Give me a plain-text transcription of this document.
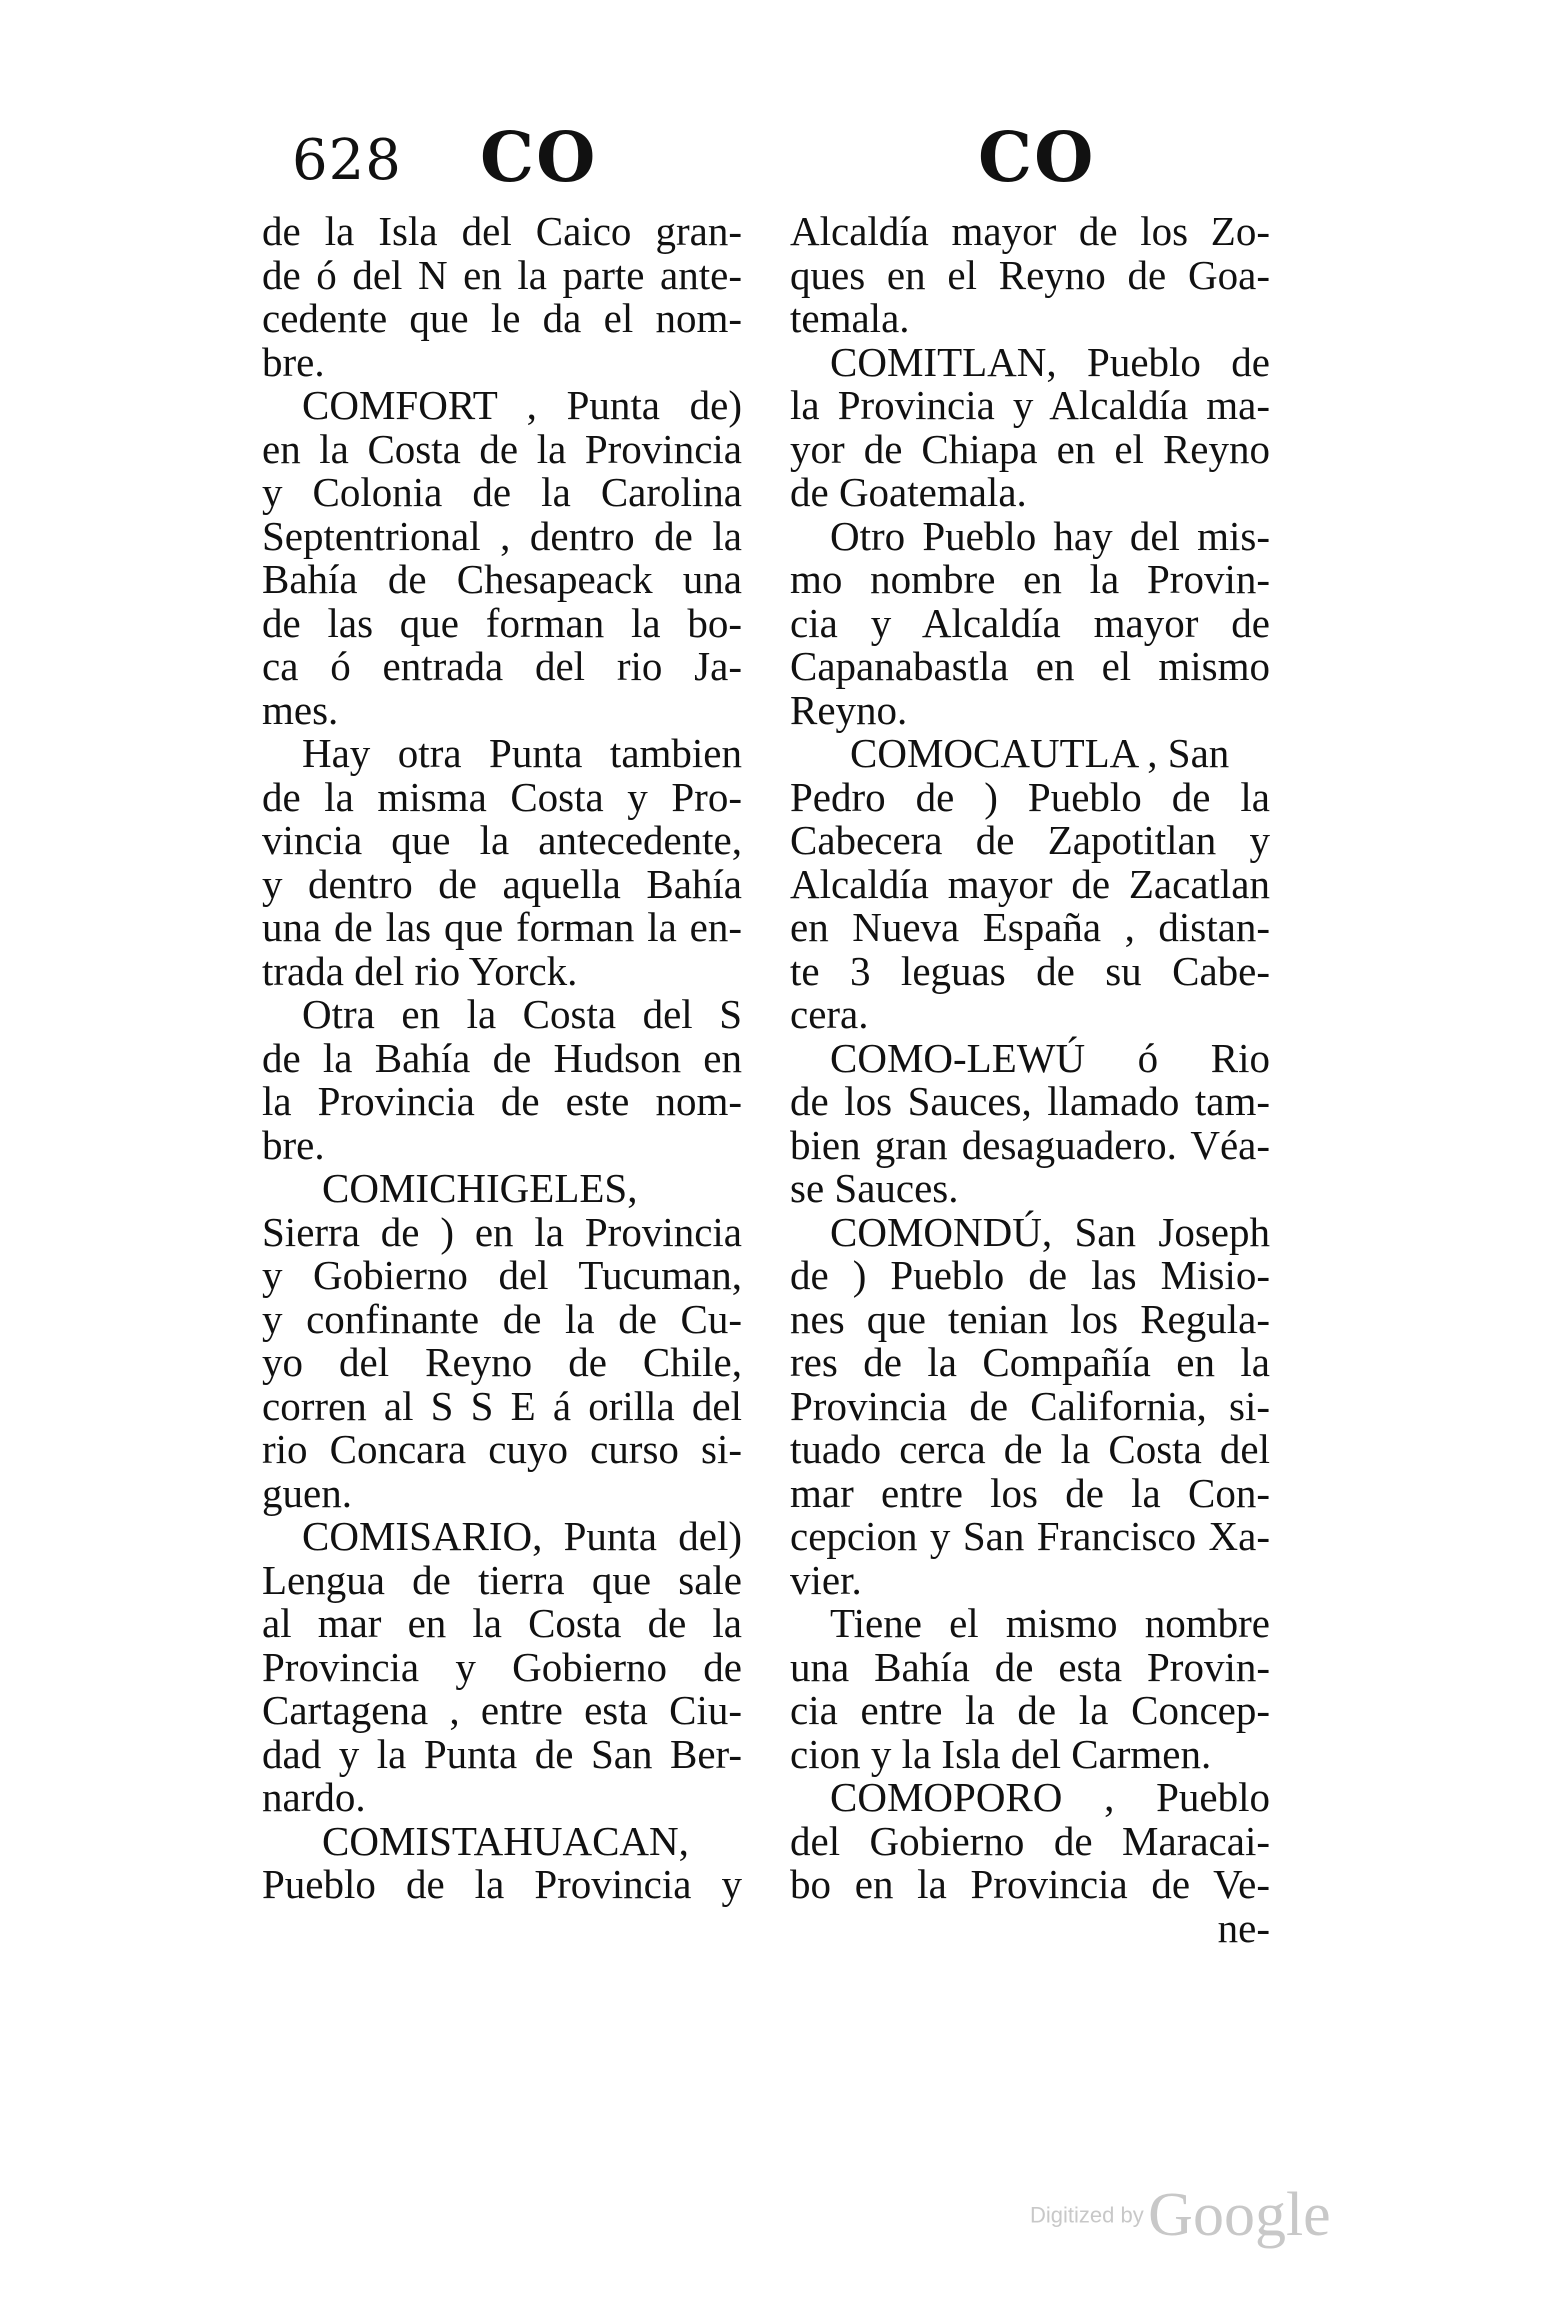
628 CO	CO
de la Isla del Caico gran-
de ó del N en la parte ante-
cedente que le da el nom-
bre.
COMFORT , Punta de)
en la Costa de la Provincia
y Colonia de la Carolina
Septentrional , dentro de la
Bahía de Chesapeack una
de las que forman la bo-
ca ó entrada del rio Ja-
mes.
Hay otra Punta tambien
de la misma Costa y Pro-
vincia que la antecedente,
y dentro de aquella Bahía
una de las que forman la en-
trada del rio Yorck.
Otra en la Costa del S
de la Bahía de Hudson en
la Provincia de este nom-
bre.
COMICHIGELES,
Sierra de ) en la Provincia
y Gobierno del Tucuman,
y confinante de la de Cu-
yo del Reyno de Chile,
corren al S S E á orilla del
rio Concara cuyo curso si-
guen.
COMISARIO, Punta del)
Lengua de tierra que sale
al mar en la Costa de la
Provincia y Gobierno de
Cartagena , entre esta Ciu-
dad y la Punta de San Ber-
nardo.
COMISTAHUACAN,
Pueblo de la Provincia y
Alcaldía mayor de los Zo-
ques en el Reyno de Goa-
temala.
COMITLAN, Pueblo de
la Provincia y Alcaldía ma-
yor de Chiapa en el Reyno
de Goatemala.
Otro Pueblo hay del mis-
mo nombre en la Provin-
cia y Alcaldía mayor de
Capanabastla en el mismo
Reyno.
COMOCAUTLA , San
Pedro de ) Pueblo de la
Cabecera de Zapotitlan y
Alcaldía mayor de Zacatlan
en Nueva España , distan-
te 3 leguas de su Cabe-
cera.
COMO-LEWÚ ó Rio
de los Sauces, llamado tam-
bien gran desaguadero. Véa-
se Sauces.
COMONDÚ, San Joseph
de ) Pueblo de las Misio-
nes que tenian los Regula-
res de la Compañía en la
Provincia de California, si-
tuado cerca de la Costa del
mar entre los de la Con-
cepcion y San Francisco Xa-
vier.
Tiene el mismo nombre
una Bahía de esta Provin-
cia entre la de la Concep-
cion y la Isla del Carmen.
COMOPORO , Pueblo
del Gobierno de Maracai-
bo en la Provincia de Ve-
ne-
Digitized by Google
